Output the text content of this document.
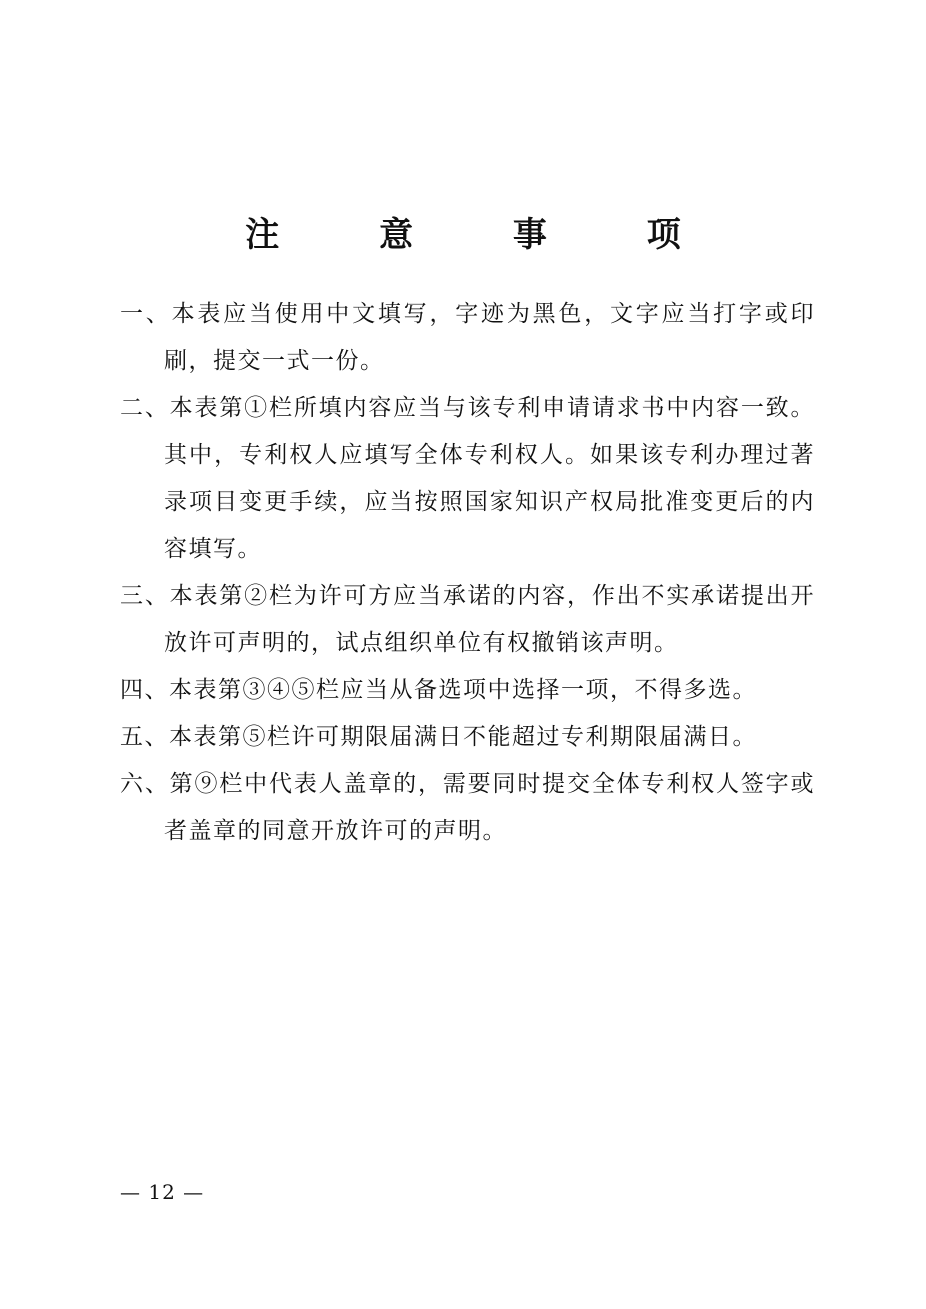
注 意 事 项
一、本表应当使用中文填写，字迹为黑色，文字应当打字或印刷，提交一式一份。
二、本表第①栏所填内容应当与该专利申请请求书中内容一致。其中，专利权人应填写全体专利权人。如果该专利办理过著录项目变更手续，应当按照国家知识产权局批准变更后的内容填写。
三、本表第②栏为许可方应当承诺的内容，作出不实承诺提出开放许可声明的，试点组织单位有权撤销该声明。
四、本表第③④⑤栏应当从备选项中选择一项，不得多选。
五、本表第⑤栏许可期限届满日不能超过专利期限届满日。
六、第⑨栏中代表人盖章的，需要同时提交全体专利权人签字或者盖章的同意开放许可的声明。
— 12 —
